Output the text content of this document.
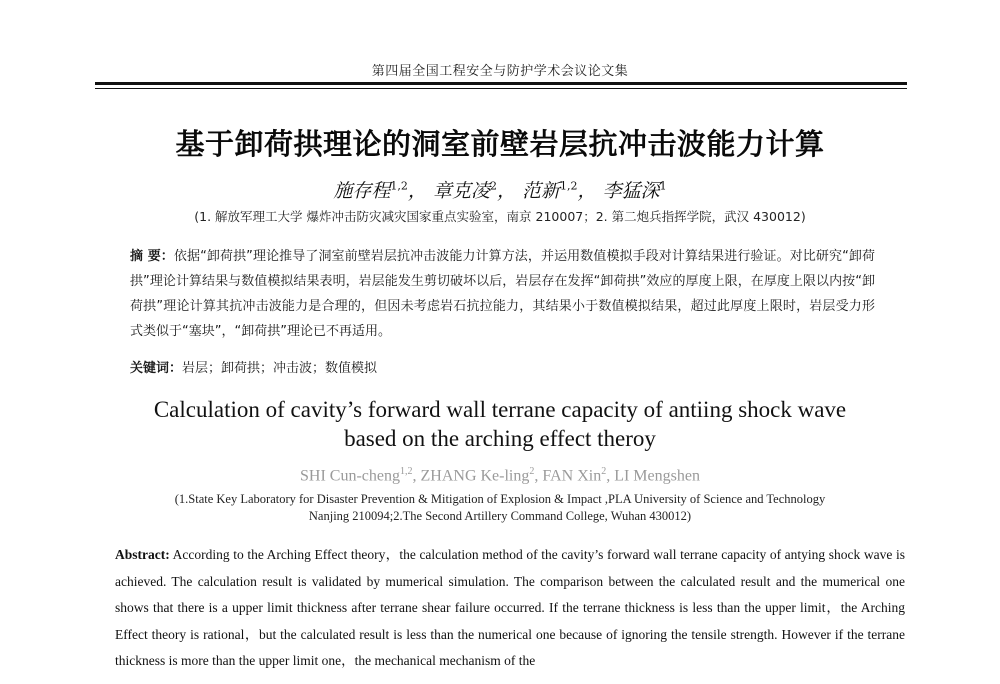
第四届全国工程安全与防护学术会议论文集
基于卸荷拱理论的洞室前壁岩层抗冲击波能力计算
施存程$^{1,2}$， 章克凌$^2$， 范新$^{1,2}$， 李猛深$^1$
(1. 解放军理工大学 爆炸冲击防灾减灾国家重点实验室，南京 210007；2. 第二炮兵指挥学院，武汉 430012)
摘 要：依据“卸荷拱”理论推导了洞室前壁岩层抗冲击波能力计算方法，并运用数值模拟手段对计算结果进行验证。对比研究“卸荷拱”理论计算结果与数值模拟结果表明，岩层能发生剪切破坏以后，岩层存在发挥“卸荷拱”效应的厚度上限，在厚度上限以内按“卸荷拱”理论计算其抗冲击波能力是合理的，但因未考虑岩石抗拉能力，其结果小于数值模拟结果，超过此厚度上限时，岩层受力形式类似于“塞块”，“卸荷拱”理论已不再适用。
关键词：岩层；卸荷拱；冲击波；数值模拟
Calculation of cavity’s forward wall terrane capacity of antiing shock wave
based on the arching effect theroy
SHI Cun-cheng$^{1,2}$, ZHANG Ke-ling$^2$, FAN Xin$^2$, LI Mengshen
(1.State Key Laboratory for Disaster Prevention & Mitigation of Explosion & Impact ,PLA University of Science and Technology
Nanjing 210094;2.The Second Artillery Command College, Wuhan 430012)
Abstract: According to the Arching Effect theory，the calculation method of the cavity’s forward wall terrane capacity of antying shock wave is achieved. The calculation result is validated by mumerical simulation. The comparison between the calculated result and the mumerical one shows that there is a upper limit thickness after terrane shear failure occurred. If the terrane thickness is less than the upper limit，the Arching Effect theory is rational，but the calculated result is less than the numerical one because of ignoring the tensile strength. However if the terrane thickness is more than the upper limit one，the mechanical mechanism of the
